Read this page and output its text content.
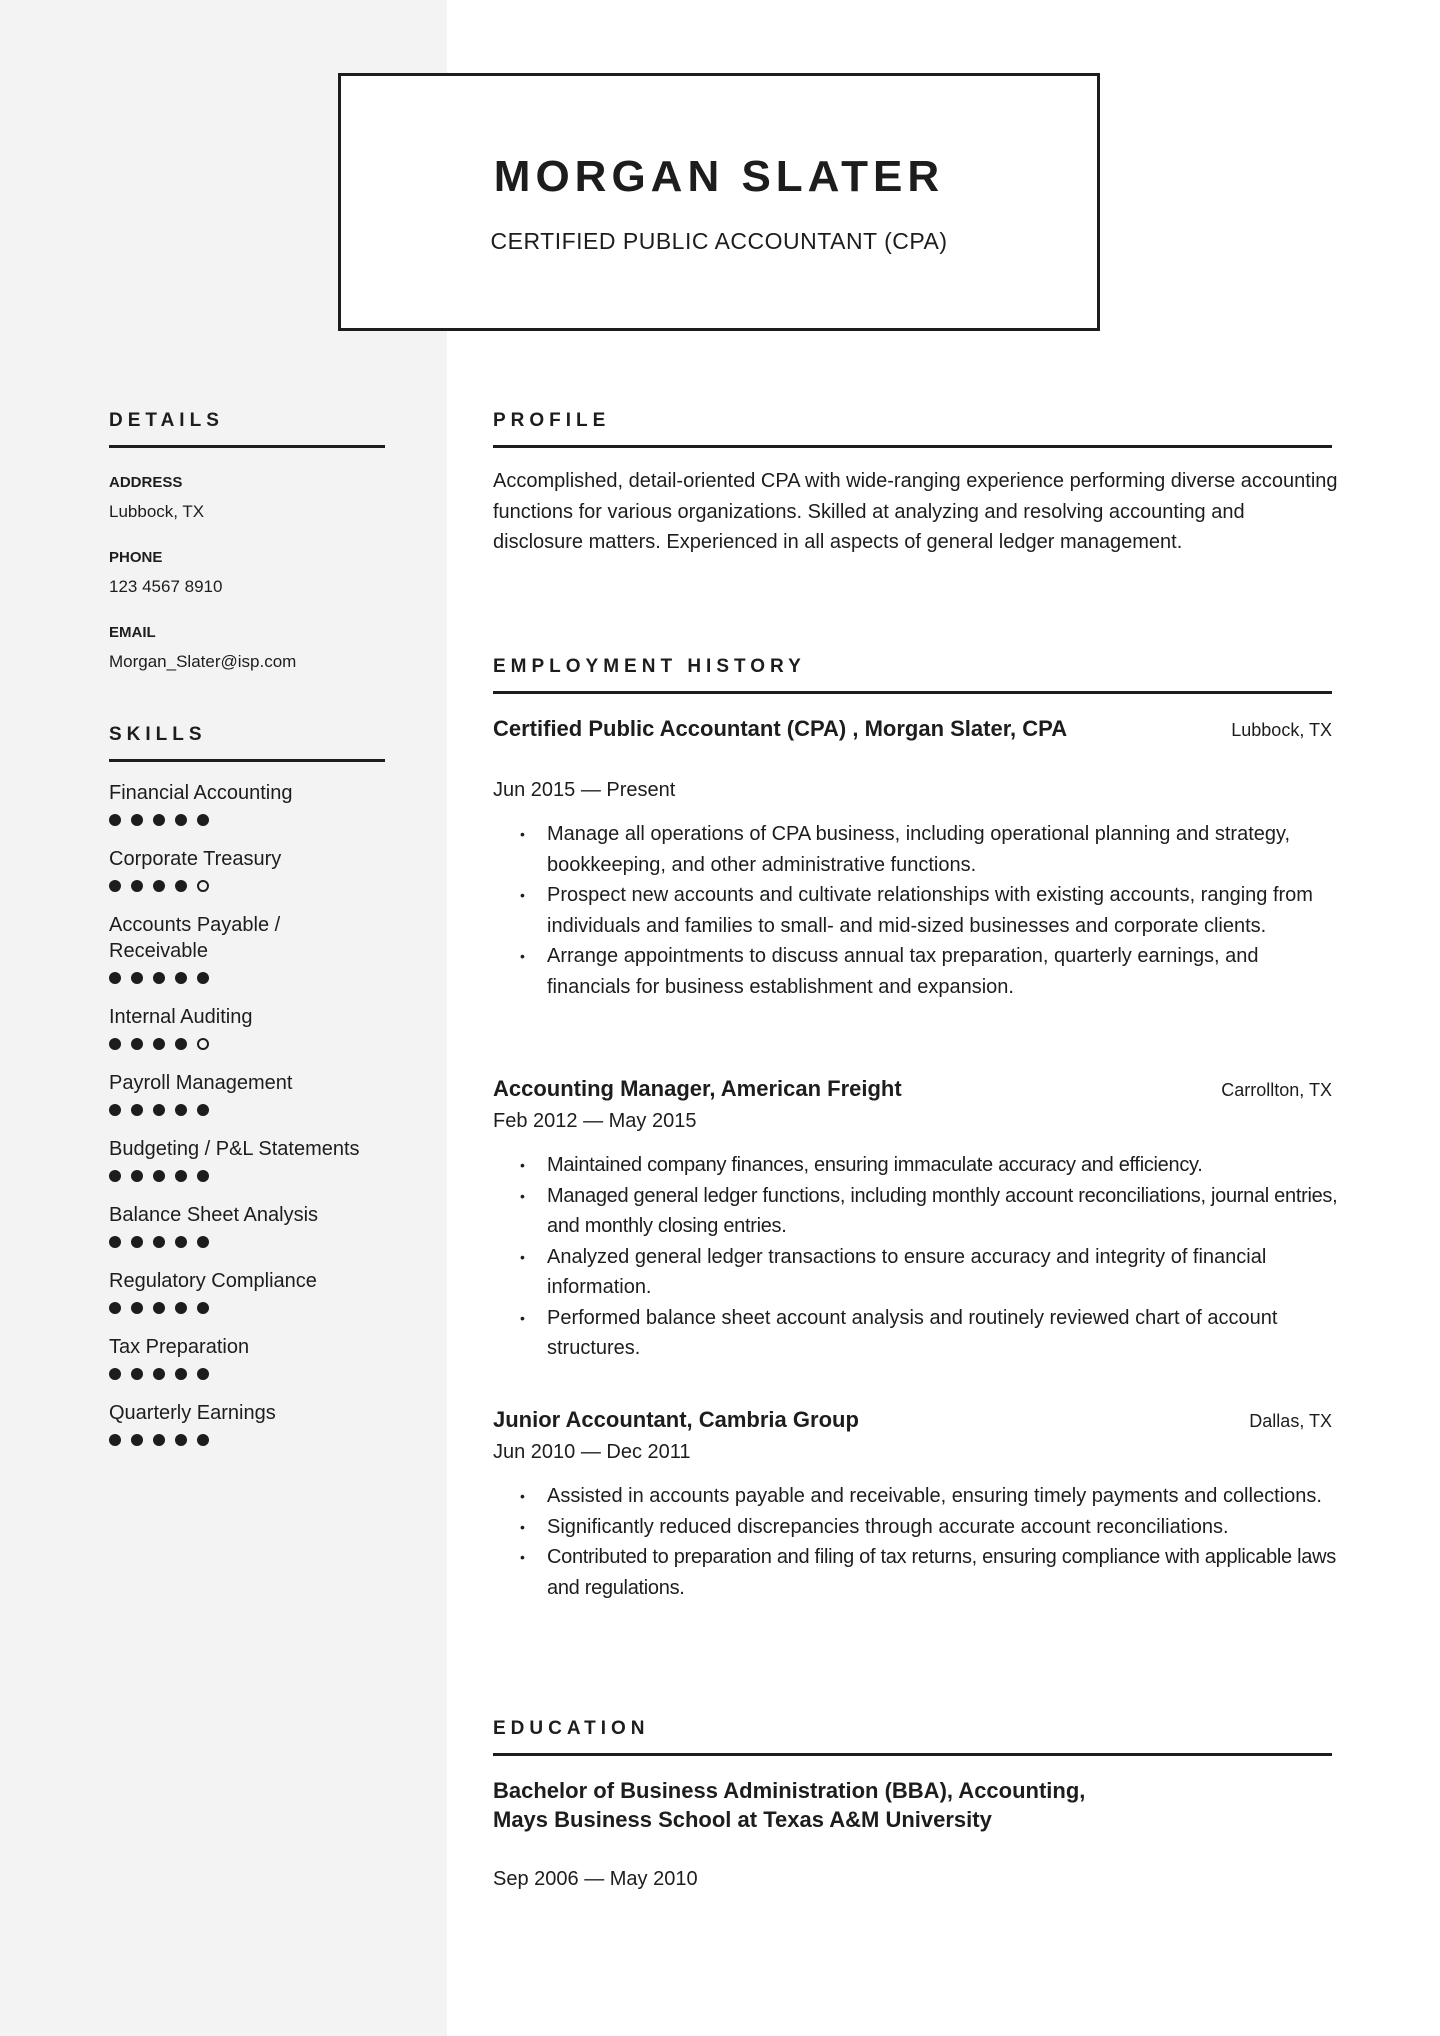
MORGAN SLATER
CERTIFIED PUBLIC ACCOUNTANT (CPA)
DETAILS
ADDRESS
Lubbock, TX
PHONE
123 4567 8910
EMAIL
Morgan_Slater@isp.com
SKILLS
Financial Accounting
Corporate Treasury
Accounts Payable / Receivable
Internal Auditing
Payroll Management
Budgeting / P&L Statements
Balance Sheet Analysis
Regulatory Compliance
Tax Preparation
Quarterly Earnings
PROFILE
Accomplished, detail-oriented CPA with wide-ranging experience performing diverse accounting functions for various organizations. Skilled at analyzing and resolving accounting and disclosure matters. Experienced in all aspects of general ledger management.
EMPLOYMENT HISTORY
Certified Public Accountant (CPA) , Morgan Slater, CPA	Lubbock, TX
Jun 2015 — Present
• Manage all operations of CPA business, including operational planning and strategy, bookkeeping, and other administrative functions.
• Prospect new accounts and cultivate relationships with existing accounts, ranging from individuals and families to small- and mid-sized businesses and corporate clients.
• Arrange appointments to discuss annual tax preparation, quarterly earnings, and financials for business establishment and expansion.
Accounting Manager, American Freight	Carrollton, TX
Feb 2012 — May 2015
• Maintained company finances, ensuring immaculate accuracy and efficiency.
• Managed general ledger functions, including monthly account reconciliations, journal entries, and monthly closing entries.
• Analyzed general ledger transactions to ensure accuracy and integrity of financial information.
• Performed balance sheet account analysis and routinely reviewed chart of account structures.
Junior Accountant, Cambria Group	Dallas, TX
Jun 2010 — Dec 2011
• Assisted in accounts payable and receivable, ensuring timely payments and collections.
• Significantly reduced discrepancies through accurate account reconciliations.
• Contributed to preparation and filing of tax returns, ensuring compliance with applicable laws and regulations.
EDUCATION
Bachelor of Business Administration (BBA), Accounting, Mays Business School at Texas A&M University
Sep 2006 — May 2010
